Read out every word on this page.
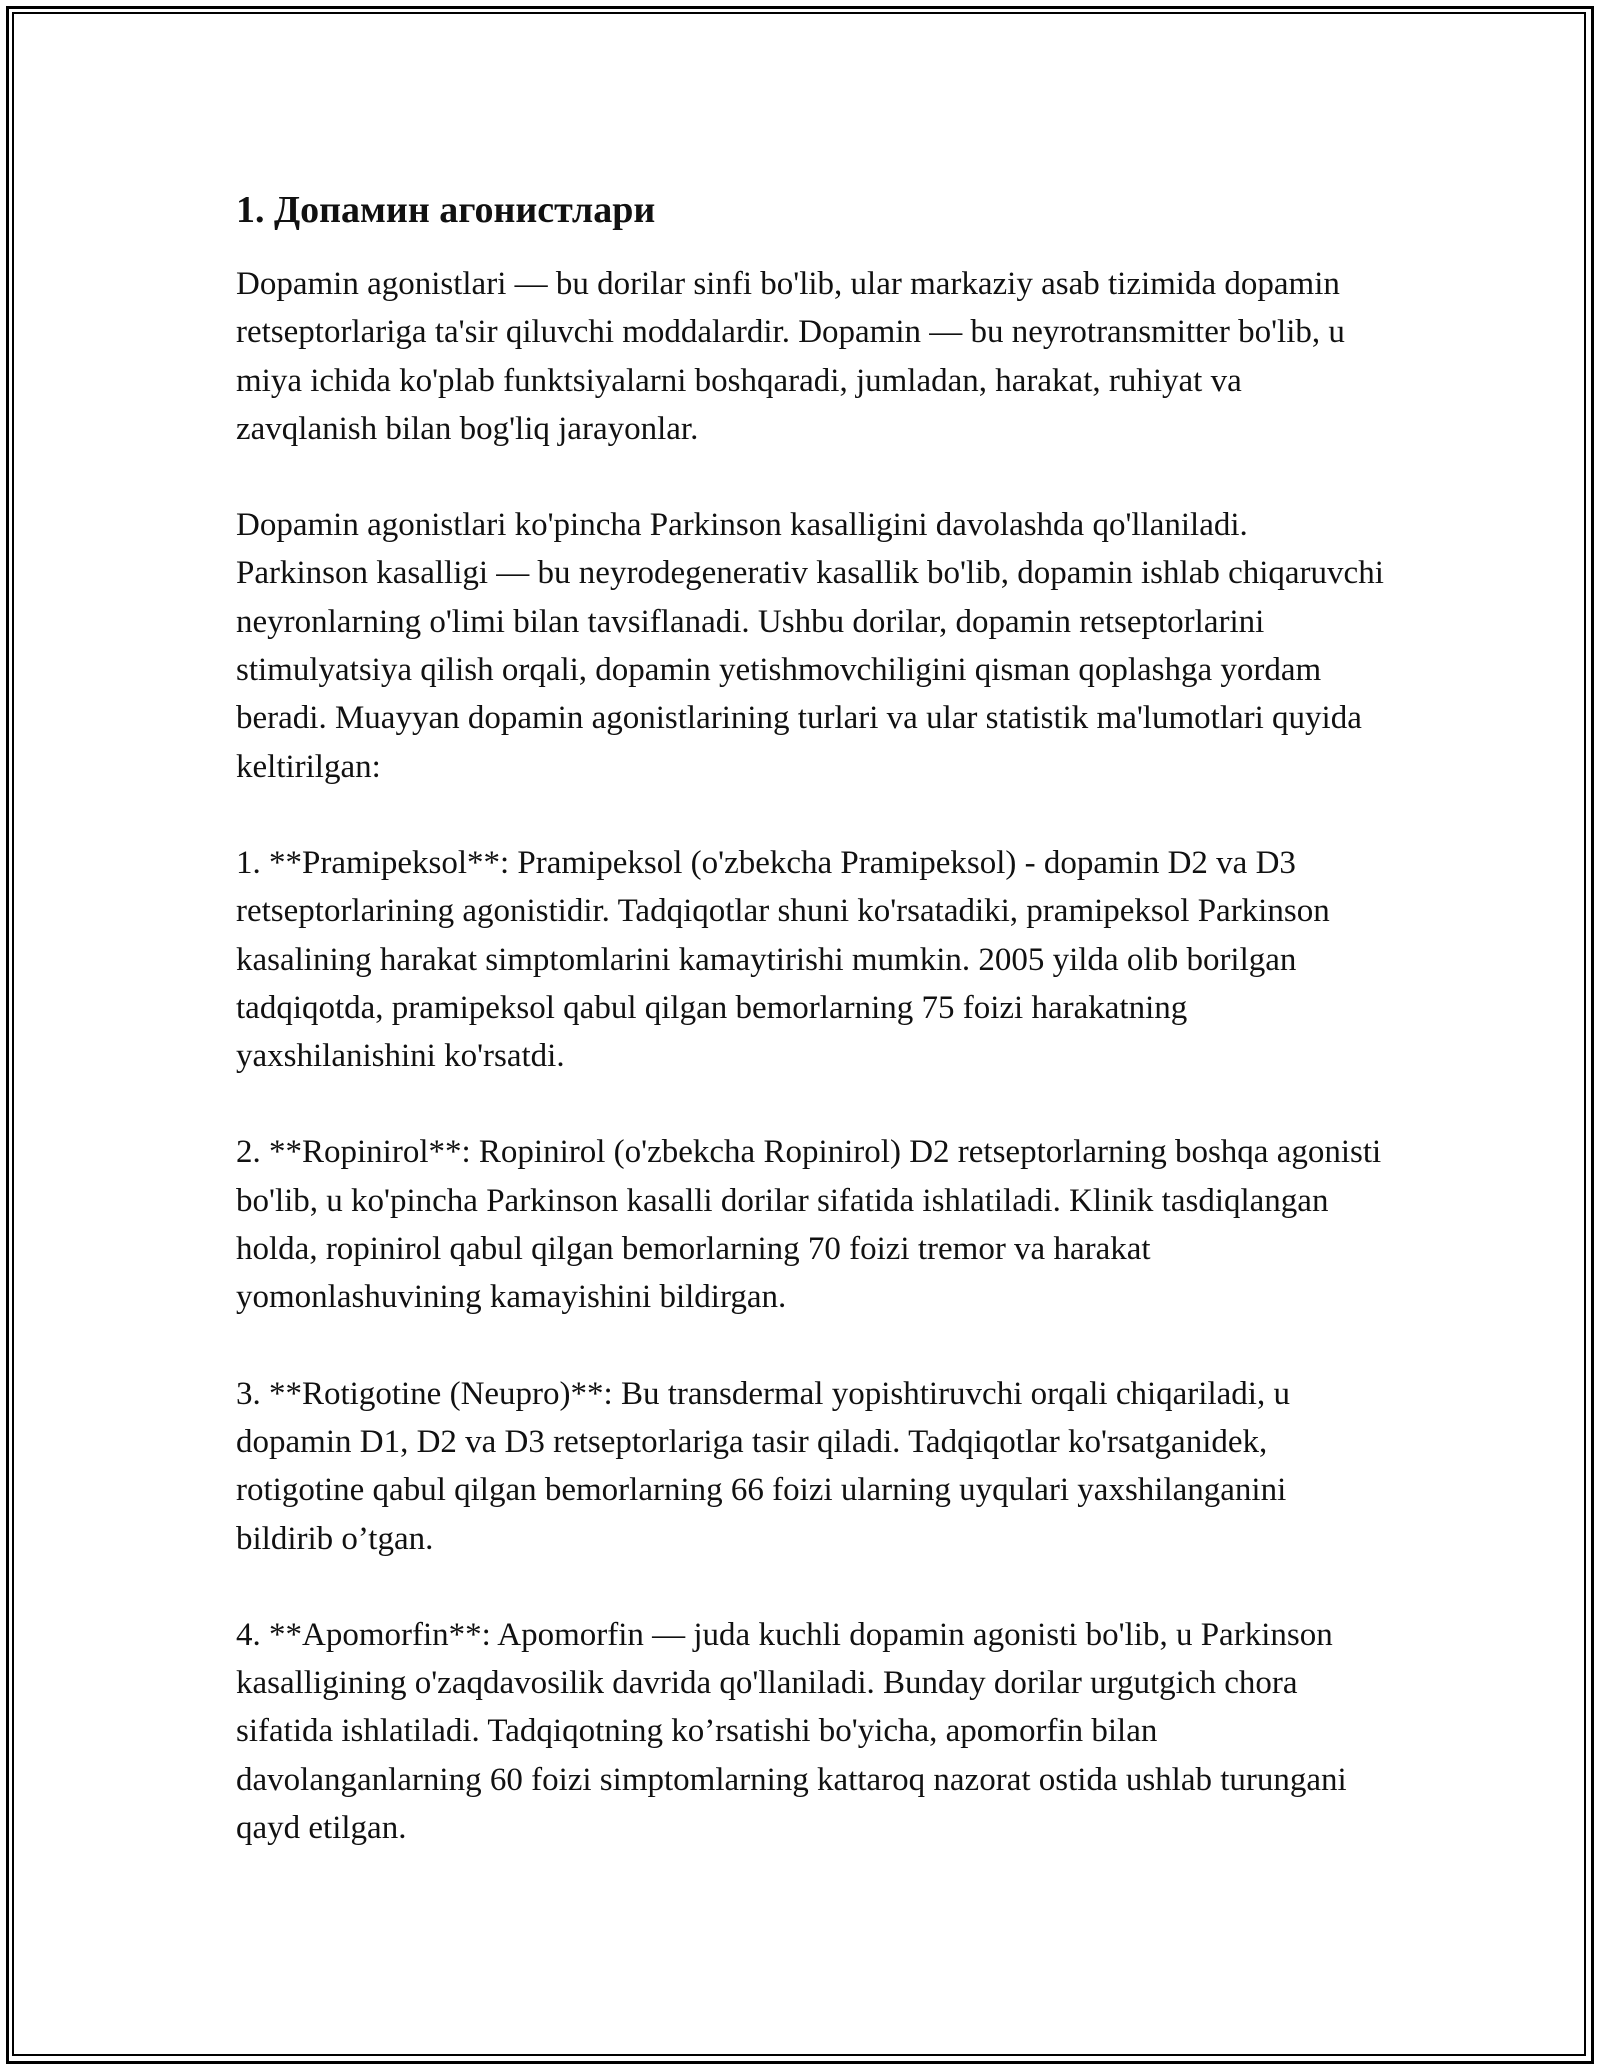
1. Допамин агонистлари

Dopamin agonistlari — bu dorilar sinfi bo'lib, ular markaziy asab tizimida dopamin retseptorlariga ta'sir qiluvchi moddalardir. Dopamin — bu neyrotransmitter bo'lib, u miya ichida ko'plab funktsiyalarni boshqaradi, jumladan, harakat, ruhiyat va zavqlanish bilan bog'liq jarayonlar.

Dopamin agonistlari ko'pincha Parkinson kasalligini davolashda qo'llaniladi. Parkinson kasalligi — bu neyrodegenerativ kasallik bo'lib, dopamin ishlab chiqaruvchi neyronlarning o'limi bilan tavsiflanadi. Ushbu dorilar, dopamin retseptorlarini stimulyatsiya qilish orqali, dopamin yetishmovchiligini qisman qoplashga yordam beradi. Muayyan dopamin agonistlarining turlari va ular statistik ma'lumotlari quyida keltirilgan:

1. **Pramipeksol**: Pramipeksol (o'zbekcha Pramipeksol) - dopamin D2 va D3 retseptorlarining agonistidir. Tadqiqotlar shuni ko'rsatadiki, pramipeksol Parkinson kasalining harakat simptomlarini kamaytirishi mumkin. 2005 yilda olib borilgan tadqiqotda, pramipeksol qabul qilgan bemorlarning 75 foizi harakatning yaxshilanishini ko'rsatdi.

2. **Ropinirol**: Ropinirol (o'zbekcha Ropinirol) D2 retseptorlarning boshqa agonisti bo'lib, u ko'pincha Parkinson kasalli dorilar sifatida ishlatiladi. Klinik tasdiqlangan holda, ropinirol qabul qilgan bemorlarning 70 foizi tremor va harakat yomonlashuvining kamayishini bildirgan.

3. **Rotigotine (Neupro)**: Bu transdermal yopishtiruvchi orqali chiqariladi, u dopamin D1, D2 va D3 retseptorlariga tasir qiladi. Tadqiqotlar ko'rsatganidek, rotigotine qabul qilgan bemorlarning 66 foizi ularning uyqulari yaxshilanganini bildirib o’tgan.

4. **Apomorfin**: Apomorfin — juda kuchli dopamin agonisti bo'lib, u Parkinson kasalligining o'zaqdavosilik davrida qo'llaniladi. Bunday dorilar urgutgich chora sifatida ishlatiladi. Tadqiqotning ko’rsatishi bo'yicha, apomorfin bilan davolanganlarning 60 foizi simptomlarning kattaroq nazorat ostida ushlab turungani qayd etilgan.
